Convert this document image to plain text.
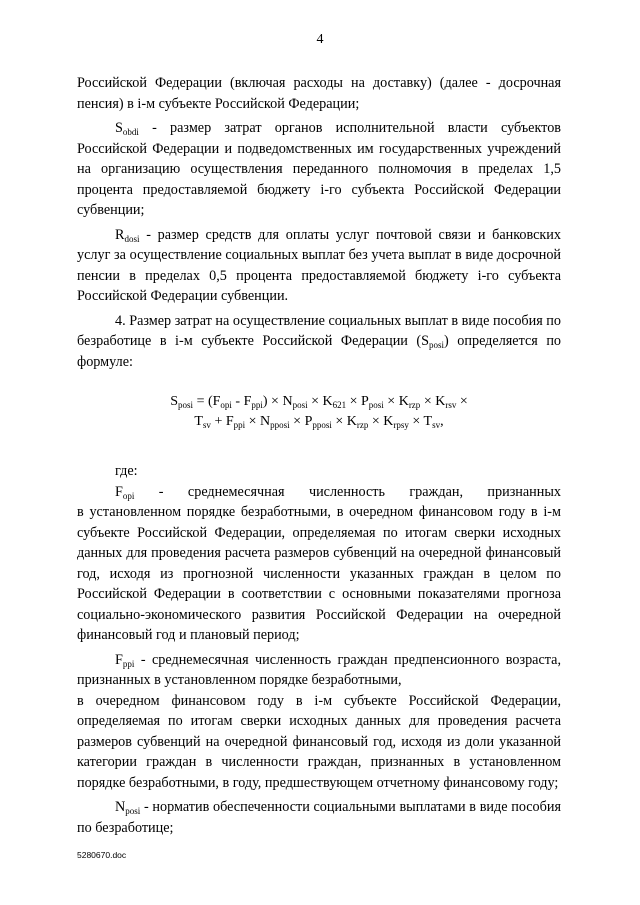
4

Российской Федерации (включая расходы на доставку) (далее - досрочная пенсия) в i-м субъекте Российской Федерации;

$S_{obdi}$ - размер затрат органов исполнительной власти субъектов Российской Федерации и подведомственных им государственных учреждений на организацию осуществления переданного полномочия в пределах 1,5 процента предоставляемой бюджету i-го субъекта Российской Федерации субвенции;

$R_{dosi}$ - размер средств для оплаты услуг почтовой связи и банковских услуг за осуществление социальных выплат без учета выплат в виде досрочной пенсии в пределах 0,5 процента предоставляемой бюджету i-го субъекта Российской Федерации субвенции.

4. Размер затрат на осуществление социальных выплат в виде пособия по безработице в i-м субъекте Российской Федерации $(S_{posi})$ определяется по формуле:

$S_{posi} = (F_{opi} - F_{ppi}) \times N_{posi} \times K_{621} \times P_{posi} \times K_{rzp} \times K_{rsv}$ ×
$T_{sv} + F_{ppi} \times N_{pposi} \times P_{pposi} \times K_{rzp} \times K_{rpsy} \times T_{sv}$,

где:

$F_{opi}$ - среднемесячная численность граждан, признанных

в установленном порядке безработными, в очередном финансовом году в i-м субъекте Российской Федерации, определяемая по итогам сверки исходных данных для проведения расчета размеров субвенций на очередной финансовый год, исходя из прогнозной численности указанных граждан в целом по Российской Федерации в соответствии с основными показателями прогноза социально-экономического развития Российской Федерации на очередной финансовый год и плановый период;

$F_{ppi}$ - среднемесячная численность граждан предпенсионного возраста, признанных в установленном порядке безработными,

в очередном финансовом году в i-м субъекте Российской Федерации, определяемая по итогам сверки исходных данных для проведения расчета размеров субвенций на очередной финансовый год, исходя из доли указанной категории граждан в численности граждан, признанных в установленном порядке безработными, в году, предшествующем отчетному финансовому году;

$N_{posi}$ - норматив обеспеченности социальными выплатами в виде пособия по безработице;

5280670.doc
